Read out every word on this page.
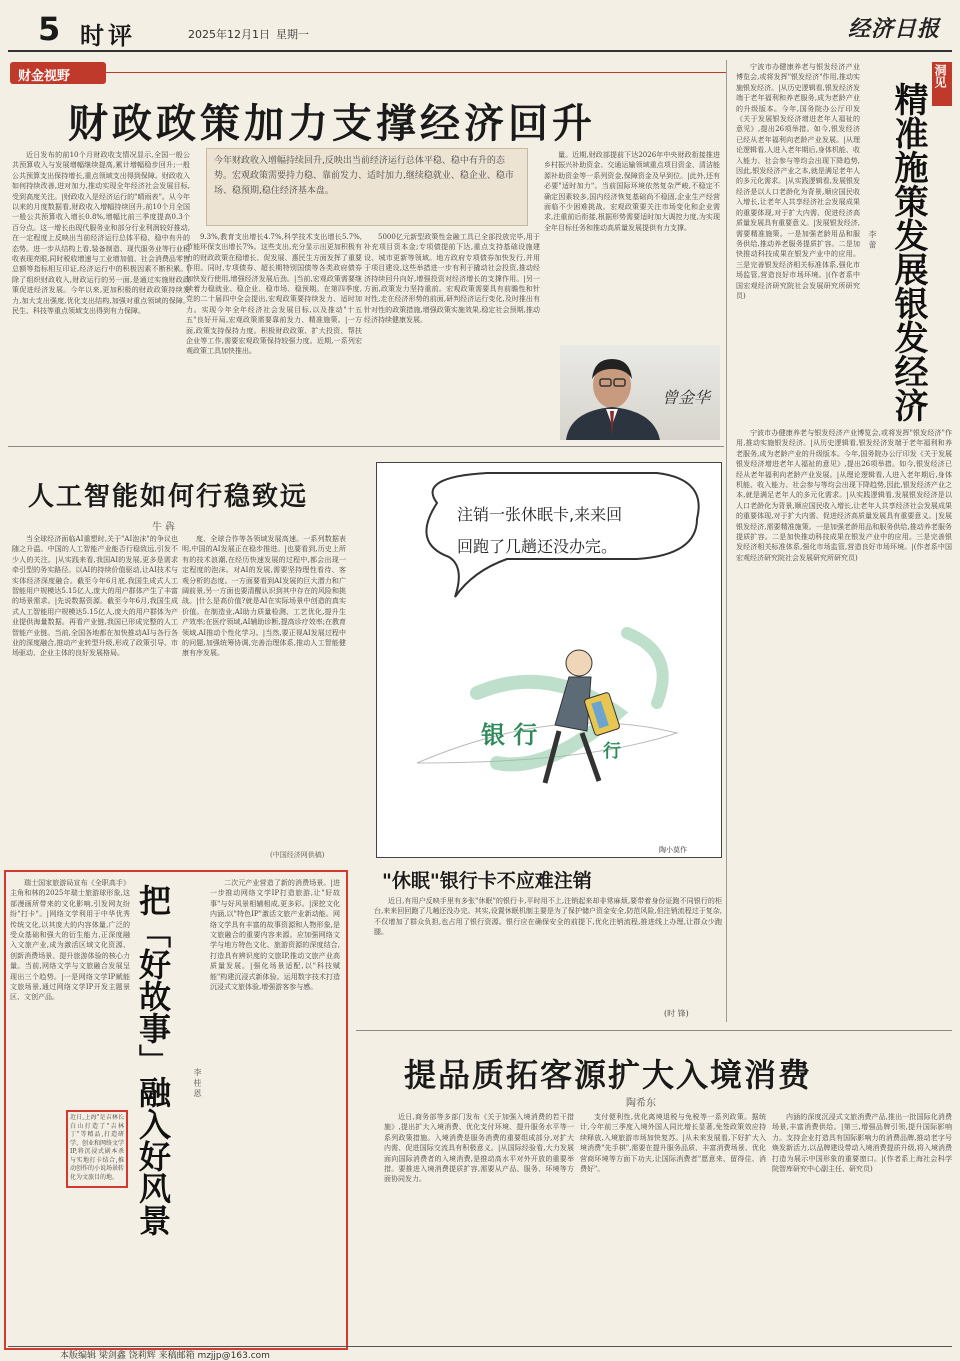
5 时评	2025年12月1日 星期一	经济日报
财金视野
财政政策加力支撑经济回升
今年财政收入增幅持续回升,反映出当前经济运行总体平稳、稳中有升的态势。宏观政策需要持力稳、靠前发力、适时加力,继续稳就业、稳企业、稳市场、稳预期,稳住经济基本盘。

近日发布的前10个月财政收支情况显示,全国一般公共预算收入与发展增幅继续提高,累计增幅稳步回升;一般公共预算支出保持增长,重点领域支出得到保障。财政收入如何持续改善,进对加力,推动实现全年经济社会发展目标,受到高度关注。|财政收入是经济运行的"晴雨表"。从今年以来的月度数据看,财政收入增幅持续回升,前10个月全国一般公共预算收入增长0.8%,增幅比前三季度提高0.3个百分点。这一增长由现代服务业和部分行业利润较好推动,在一定程度上反映出当前经济运行总体平稳、稳中有升的态势。进一步从结构上看,装备制造、现代服务业等行业税收表现亮眼,同时税收增速与工业增加值、社会消费品零售总额等指标相互印证,经济运行中的积极因素不断积累。|除了组织财政收入,财政运行的另一面,是通过实施财政政策促进经济发展。今年以来,更加积极的财政政策持续发力,加大支出强度,优化支出结构,加强对重点领域的保障。民生、科技等重点领域支出得到有力保障。

9.3%,教育支出增长4.7%,科学技术支出增长5.7%,节能环保支出增长7%。这些支出,充分显示出更加积极有力的财政政策在稳增长、促发展、惠民生方面发挥了重要作用。同时,专项债券、超长期特别国债等各类政府债券加快发行使用,增强经济发展后劲。|当前,宏观政策需要继续着力稳就业、稳企业、稳市场、稳预期。在第四季度,党的二十届四中全会提出,宏观政策要持续发力、适时加力。实现今年全年经济社会发展目标,以及推动"十五五"良好开局,宏观政策需要靠前发力、精准施策。|一方面,政策支持保持力度。积极财政政策、扩大投资、帮扶企业等工作,需要宏观政策保持较强力度。近期,一系列宏观政策工具加快推出。

5000亿元新型政策性金融工具已全部投放完毕,用于补充项目资本金;专项债提前下达,重点支持基础设施建设、城市更新等领域。地方政府专项债券加快发行,并用于项目建设,这些举措进一步有利于撬动社会投资,推动经济持续回升向好,增强投资对经济增长的支撑作用。|另一方面,政策发力坚持重前。宏观政策需要具有前瞻性和针对性,走在经济形势的前面,研判经济运行变化,及时推出有针对性的政策措施,增强政策实施效果,稳定社会预期,推动经济持续健康发展。

量。近期,财政部提前下达2026年中央财政衔接推进乡村振兴补助资金、交通运输领域重点项目资金、清洁能源补助资金等一系列资金,保障资金及早到位。|此外,还有必要"适时加力"。当前国际环境依然复杂严峻,不稳定不确定因素较多,国内经济恢复基础尚不稳固,企业生产经营面临不少困难挑战。宏观政策要关注市场变化和企业需求,注重前后衔接,根据形势需要适时加大调控力度,为实现全年目标任务和推动高质量发展提供有力支撑。

曾金华
人工智能如何行稳致远
牛 犇

当全球经济面临AI重塑时,关于"AI泡沫"的争议也随之升温。中国的人工智能产业能否行稳致远,引发不少人的关注。|从实践来看,我国AI的发展,更多是需求牵引型的务实路径。以AI的持续价值驱动,让AI技术与实体经济深度融合。截至今年6月底,我国生成式人工智能用户规模达5.15亿人,庞大的用户群体产生了丰富的场景需求。|先说数据资源。截至今年6月,我国生成式人工智能用户规模达5.15亿人,庞大的用户群体为产业提供海量数据。再看产业链,我国已形成完整的人工智能产业链。当前,全国各地都在加快推动AI与各行各业的深度融合,推动产业转型升级,形成了政策引导、市场驱动、企业主体的良好发展格局。

度、全球合作等各领域发展高速。一系列数据表明,中国的AI发展正在稳步推进。|也要看到,历史上所有的技术浪潮,在经历快速发展的过程中,都会出现一定程度的泡沫。对AI的发展,需要坚持理性看待、客观分析的态度。一方面要看到AI发展的巨大潜力和广阔前景,另一方面也要清醒认识到其中存在的风险和挑战。|什么是高价值?就是AI在实际场景中创造的真实价值。在制造业,AI助力质量检测、工艺优化,提升生产效率;在医疗领域,AI辅助诊断,提高诊疗效率;在教育领域,AI推动个性化学习。|当然,要正视AI发展过程中的问题,加强统筹协调,完善治理体系,推动人工智能健康有序发展。

(中国经济网供稿)
注销一张休眠卡,来来回回跑了几趟还没办完。
银 行
行
陶小莫作
"休眠"银行卡不应难注销

近日,有用户反映手里有多张"休眠"的银行卡,平时用不上,注销起来却非常麻烦,要带着身份证跑不同银行的柜台,来来回回跑了几趟还没办完。其实,设置休眠机制主要是为了保护储户资金安全,防范风险,但注销流程过于复杂,不仅增加了群众负担,也占用了银行资源。银行应在确保安全的前提下,优化注销流程,推进线上办理,让群众少跑腿。

(时 锋)

瑞士国家旅游局宣布《全职高手》主角和林的2025年瑞士旅游球形象,这部漫画所带来的文化影响,引发网友纷纷"打卡"。|网络文学利用于中华优秀传统文化,以其庞大的内容体量,广泛的受众基础和强大的衍生能力,正深度融入文旅产业,成为激活区域文化资源、创新消费场景、提升旅游体验的核心力量。当前,网络文学与文旅融合发展呈现出三个趋势。|一是网络文学IP赋能文旅场景,通过网络文学IP开发主题景区、文创产品。	把「好故事」融入好风景	李 桂 恩

二次元产业营造了新的消费场景。|进一步推动网络文学IP打造旅游,让"好故事"与好风景相辅相成,更多彩。|深挖文化内涵,以"特色IP"激活文旅产业新动能。网络文学具有丰富的故事资源和人物形象,是文旅融合的重要内容来源。应加强网络文学与地方特色文化、旅游资源的深度结合,打造具有辨识度的文旅IP,推动文旅产业高质量发展。|强化场景适配,以"科技赋能"构建沉浸式新体验。运用数字技术打造沉浸式文旅体验,增强游客参与感。

近日,上海"是吉林长白山打造了"吉林丁"等精品,打造研学、创业和网络文学IP,将沉浸式剧本杀与实地打卡结合,推动创作的小说场景转化为文旅目的地。
提品质拓客源扩大入境消费
陶希东

近日,商务部等多部门发布《关于加强入境消费的若干措施》,提出扩大入境消费、优化支付环境、提升服务水平等一系列政策措施。入境消费是服务消费的重要组成部分,对扩大内需、促进国际交流具有积极意义。|从国际经验看,大力发展面向国际消费者的入境消费,是推动高水平对外开放的重要举措。要推进入境消费提质扩容,需要从产品、服务、环境等方面协同发力。

支付便利性,优化离境退税与免税等一系列政策。据统计,今年前三季度入境外国人同比增长显著,免签政策效应持续释放,入境旅游市场加快复苏。|从未来发展看,下好扩大入境消费"先手棋",需要在提升服务品质、丰富消费场景、优化营商环境等方面下功夫,让国际消费者"愿意来、留得住、消费好"。

内涵的深度沉浸式文旅消费产品,推出一批国际化消费场景,丰富消费供给。|第三,增强品牌引领,提升国际影响力。支持企业打造具有国际影响力的消费品牌,推动老字号焕发新活力,以品牌建设带动入境消费提质升级,将入境消费打造为展示中国形象的重要窗口。|(作者系上海社会科学院智库研究中心副主任、研究员)

洞见
精准施策发展银发经济
李 蕾

宁波市办健康养老与银发经济产业博览会,或将发挥"银发经济"作用,推动实施银发经济。|从历史逻辑看,银发经济发端于老年福利和养老服务,成为老龄产业的升级版本。今年,国务院办公厅印发《关于发展银发经济增进老年人福祉的意见》,提出26项举措。如今,银发经济已经从老年福利向老龄产业发展。|从理论逻辑看,人进入老年期后,身体机能、收入能力、社会参与等均会出现下降趋势,因此,银发经济产业之本,就是满足老年人的多元化需求。|从实践逻辑看,发展银发经济是以人口老龄化为背景,顺应国民收入增长,让老年人共享经济社会发展成果的重要体现,对于扩大内需、促进经济高质量发展具有重要意义。|发展银发经济,需要精准施策。一是加强老龄用品和服务供给,推动养老服务提质扩容。二是加快推动科技成果在银发产业中的应用。三是完善银发经济相关标准体系,强化市场监管,营造良好市场环境。|(作者系中国宏观经济研究院社会发展研究所研究员)

宁波市办健康养老与银发经济产业博览会,或将发挥"银发经济"作用,推动实施银发经济。|从历史逻辑看,银发经济发端于老年福利和养老服务,成为老龄产业的升级版本。今年,国务院办公厅印发《关于发展银发经济增进老年人福祉的意见》,提出26项举措。如今,银发经济已经从老年福利向老龄产业发展。|从理论逻辑看,人进入老年期后,身体机能、收入能力、社会参与等均会出现下降趋势,因此,银发经济产业之本,就是满足老年人的多元化需求。|从实践逻辑看,发展银发经济是以人口老龄化为背景,顺应国民收入增长,让老年人共享经济社会发展成果的重要体现,对于扩大内需、促进经济高质量发展具有重要意义。|发展银发经济,需要精准施策。一是加强老龄用品和服务供给,推动养老服务提质扩容。二是加快推动科技成果在银发产业中的应用。三是完善银发经济相关标准体系,强化市场监管,营造良好市场环境。|(作者系中国宏观经济研究院社会发展研究所研究员)

本版编辑 梁剑鑫 饶莉辉 来稿邮箱 mzjjp@163.com
